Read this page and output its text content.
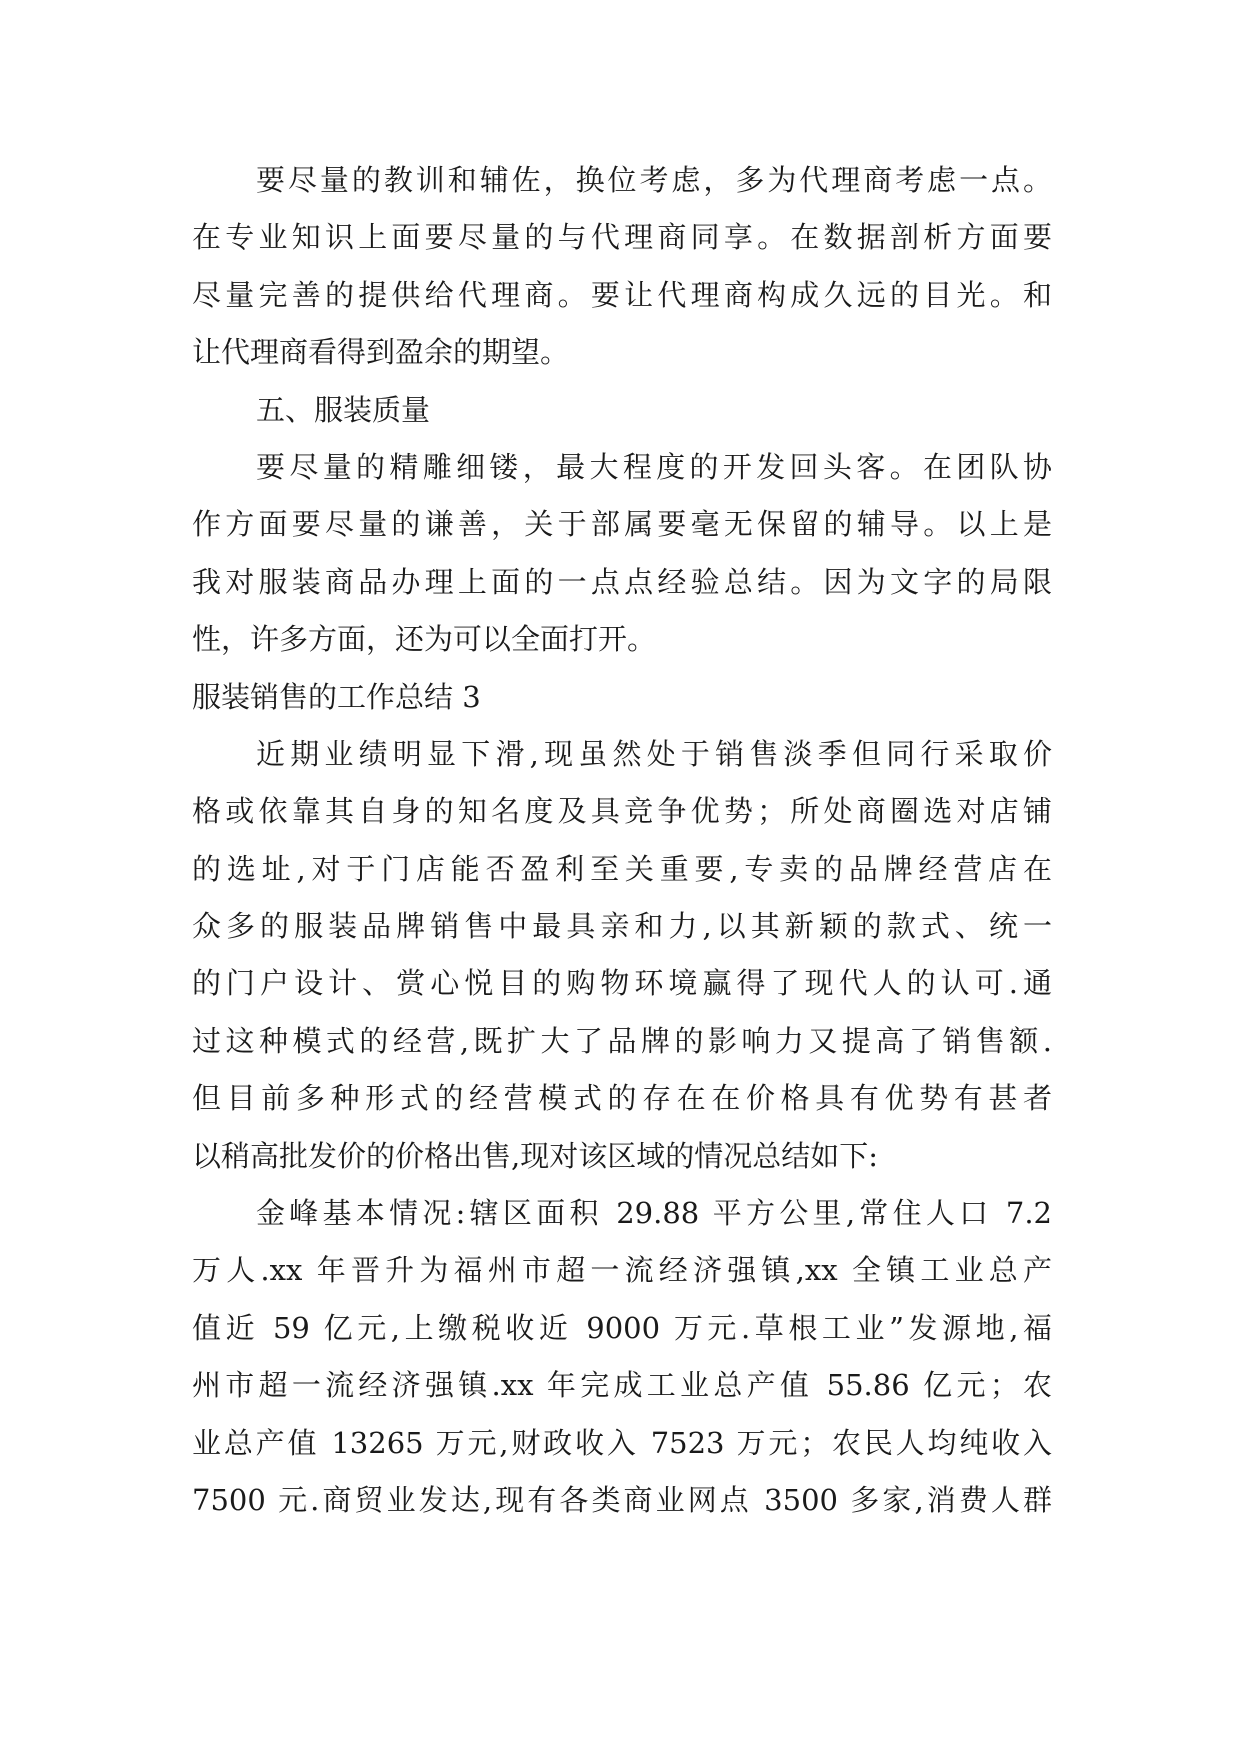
要尽量的教训和辅佐，换位考虑，多为代理商考虑一点。
在专业知识上面要尽量的与代理商同享。在数据剖析方面要
尽量完善的提供给代理商。要让代理商构成久远的目光。和
让代理商看得到盈余的期望。
五、服装质量
要尽量的精雕细镂，最大程度的开发回头客。在团队协
作方面要尽量的谦善，关于部属要毫无保留的辅导。以上是
我对服装商品办理上面的一点点经验总结。因为文字的局限
性，许多方面，还为可以全面打开。
服装销售的工作总结 3
近期业绩明显下滑,现虽然处于销售淡季但同行采取价
格或依靠其自身的知名度及具竞争优势；所处商圈选对店铺
的选址,对于门店能否盈利至关重要,专卖的品牌经营店在
众多的服装品牌销售中最具亲和力,以其新颖的款式、统一
的门户设计、赏心悦目的购物环境赢得了现代人的认可.通
过这种模式的经营,既扩大了品牌的影响力又提高了销售额.
但目前多种形式的经营模式的存在在价格具有优势有甚者
以稍高批发价的价格出售,现对该区域的情况总结如下:
金峰基本情况:辖区面积 29.88 平方公里,常住人口 7.2
万人.xx 年晋升为福州市超一流经济强镇,xx 全镇工业总产
值近 59 亿元,上缴税收近 9000 万元.草根工业”发源地,福
州市超一流经济强镇.xx 年完成工业总产值 55.86 亿元；农
业总产值 13265 万元,财政收入 7523 万元；农民人均纯收入
7500 元.商贸业发达,现有各类商业网点 3500 多家,消费人群
